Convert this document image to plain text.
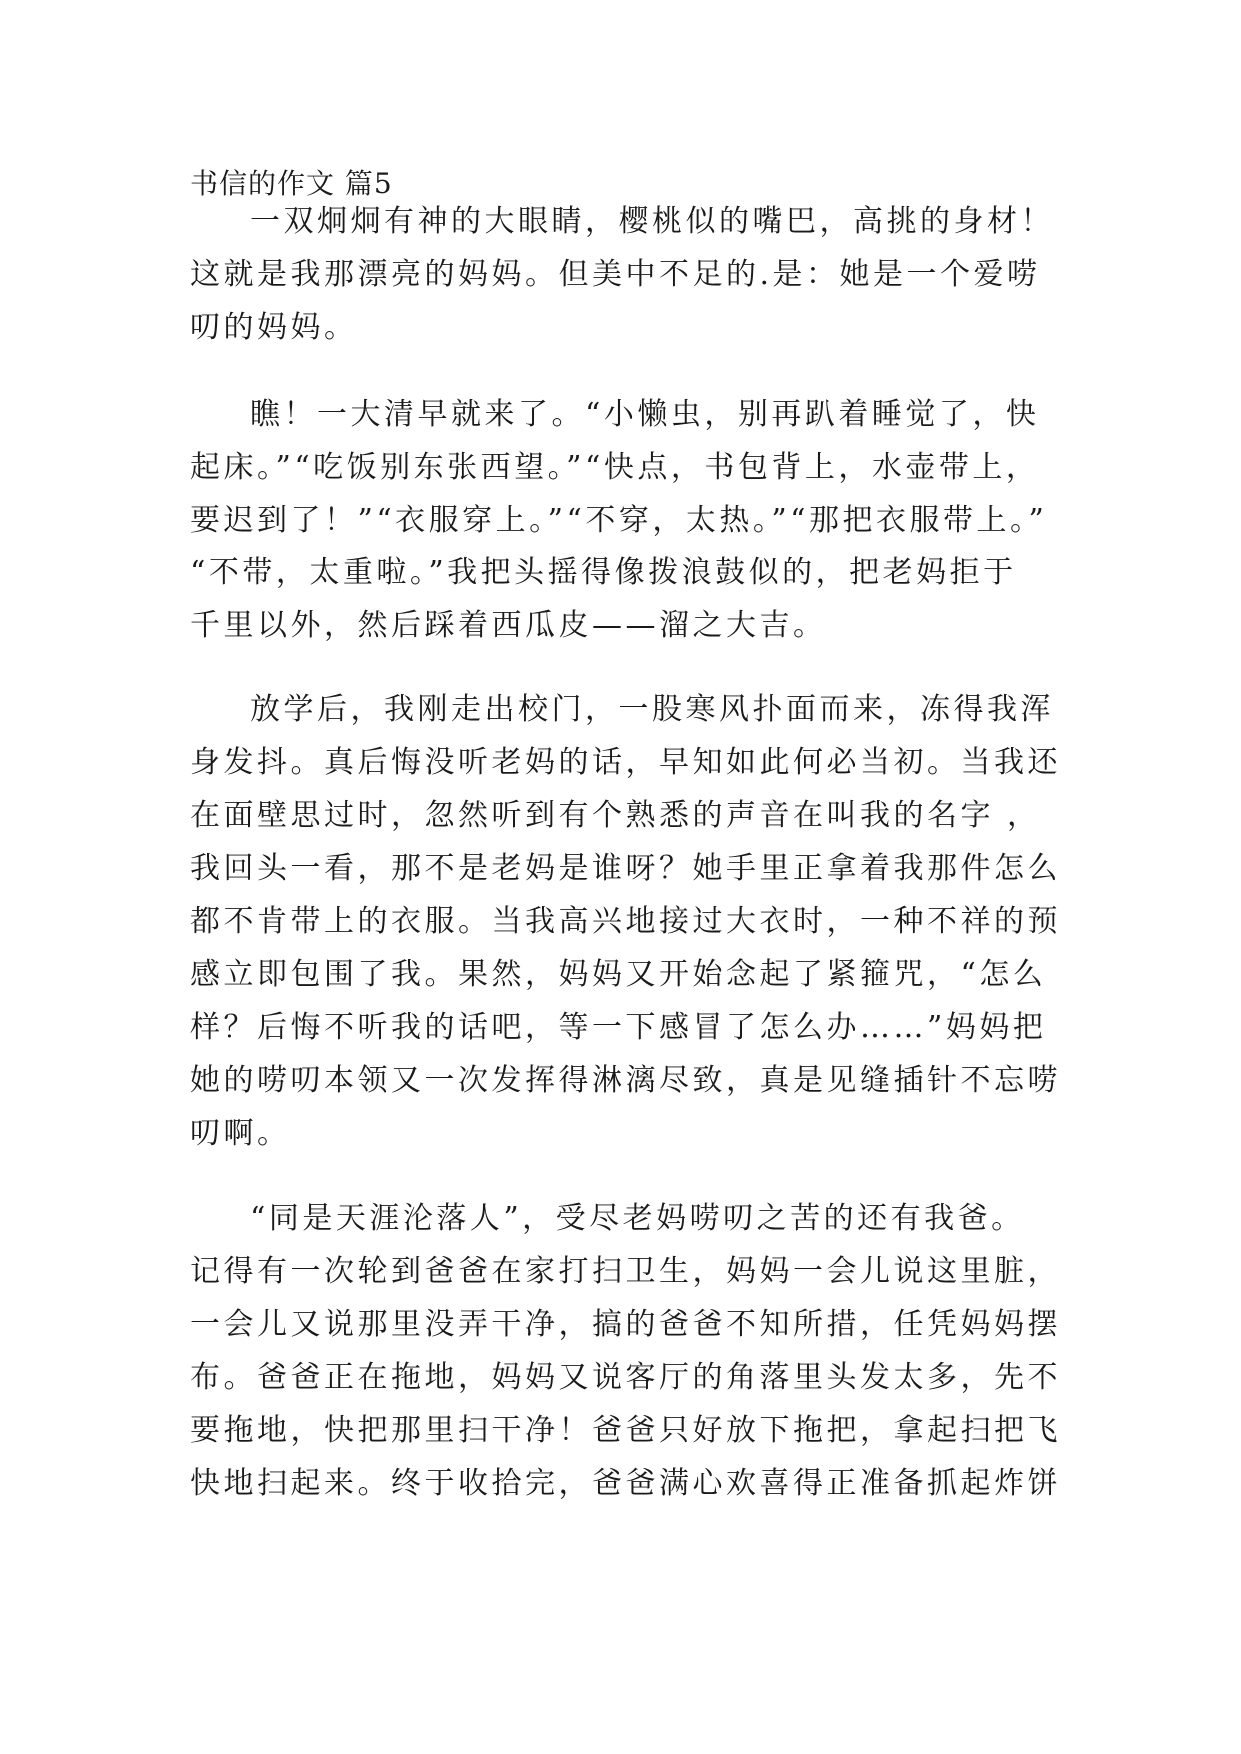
书信的作文 篇5
一双炯炯有神的大眼睛，樱桃似的嘴巴，高挑的身材！
这就是我那漂亮的妈妈。但美中不足的.是：她是一个爱唠
叨的妈妈。
瞧！一大清早就来了。“小懒虫，别再趴着睡觉了，快
起床。”“吃饭别东张西望。”“快点，书包背上，水壶带上，
要迟到了！”“衣服穿上。”“不穿，太热。”“那把衣服带上。”
“不带，太重啦。”我把头摇得像拨浪鼓似的，把老妈拒于
千里以外，然后踩着西瓜皮——溜之大吉。
放学后，我刚走出校门，一股寒风扑面而来，冻得我浑
身发抖。真后悔没听老妈的话，早知如此何必当初。当我还
在面壁思过时，忽然听到有个熟悉的声音在叫我的名字 ，
我回头一看，那不是老妈是谁呀？她手里正拿着我那件怎么
都不肯带上的衣服。当我高兴地接过大衣时，一种不祥的预
感立即包围了我。果然，妈妈又开始念起了紧箍咒，“怎么
样？后悔不听我的话吧，等一下感冒了怎么办……”妈妈把
她的唠叨本领又一次发挥得淋漓尽致，真是见缝插针不忘唠
叨啊。
“同是天涯沦落人”，受尽老妈唠叨之苦的还有我爸。
记得有一次轮到爸爸在家打扫卫生，妈妈一会儿说这里脏，
一会儿又说那里没弄干净，搞的爸爸不知所措，任凭妈妈摆
布。爸爸正在拖地，妈妈又说客厅的角落里头发太多，先不
要拖地，快把那里扫干净！爸爸只好放下拖把，拿起扫把飞
快地扫起来。终于收拾完，爸爸满心欢喜得正准备抓起炸饼
